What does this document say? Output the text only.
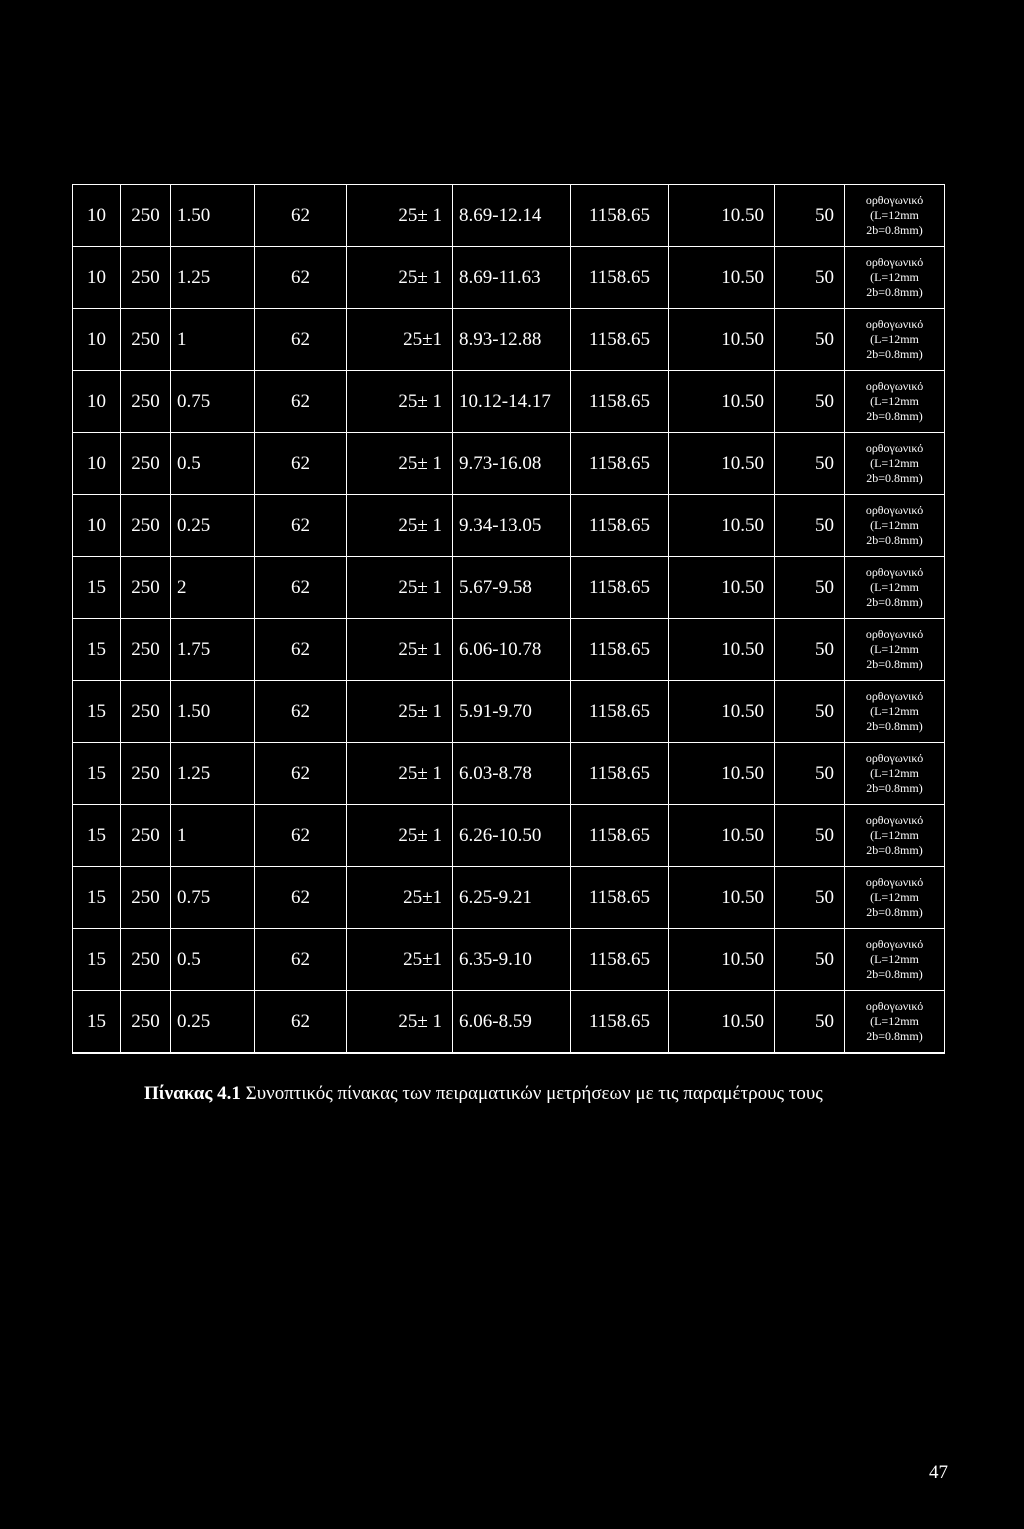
10	250	1.50	62	25± 1	8.69-12.14	1158.65	10.50	50	ορθογωνικό
(L=12mm
2b=0.8mm)

10	250	1.25	62	25± 1	8.69-11.63	1158.65	10.50	50	ορθογωνικό
(L=12mm
2b=0.8mm)

10	250	1	62	25±1	8.93-12.88	1158.65	10.50	50	ορθογωνικό
(L=12mm
2b=0.8mm)

10	250	0.75	62	25± 1	10.12-14.17	1158.65	10.50	50	ορθογωνικό
(L=12mm
2b=0.8mm)

10	250	0.5	62	25± 1	9.73-16.08	1158.65	10.50	50	ορθογωνικό
(L=12mm
2b=0.8mm)

10	250	0.25	62	25± 1	9.34-13.05	1158.65	10.50	50	ορθογωνικό
(L=12mm
2b=0.8mm)

15	250	2	62	25± 1	5.67-9.58	1158.65	10.50	50	ορθογωνικό
(L=12mm
2b=0.8mm)

15	250	1.75	62	25± 1	6.06-10.78	1158.65	10.50	50	ορθογωνικό
(L=12mm
2b=0.8mm)

15	250	1.50	62	25± 1	5.91-9.70	1158.65	10.50	50	ορθογωνικό
(L=12mm
2b=0.8mm)

15	250	1.25	62	25± 1	6.03-8.78	1158.65	10.50	50	ορθογωνικό
(L=12mm
2b=0.8mm)

15	250	1	62	25± 1	6.26-10.50	1158.65	10.50	50	ορθογωνικό
(L=12mm
2b=0.8mm)

15	250	0.75	62	25±1	6.25-9.21	1158.65	10.50	50	ορθογωνικό
(L=12mm
2b=0.8mm)

15	250	0.5	62	25±1	6.35-9.10	1158.65	10.50	50	ορθογωνικό
(L=12mm
2b=0.8mm)

15	250	0.25	62	25± 1	6.06-8.59	1158.65	10.50	50	ορθογωνικό
(L=12mm
2b=0.8mm)
Πίνακας 4.1 Συνοπτικός πίνακας των πειραματικών μετρήσεων με τις παραμέτρους τους
47
